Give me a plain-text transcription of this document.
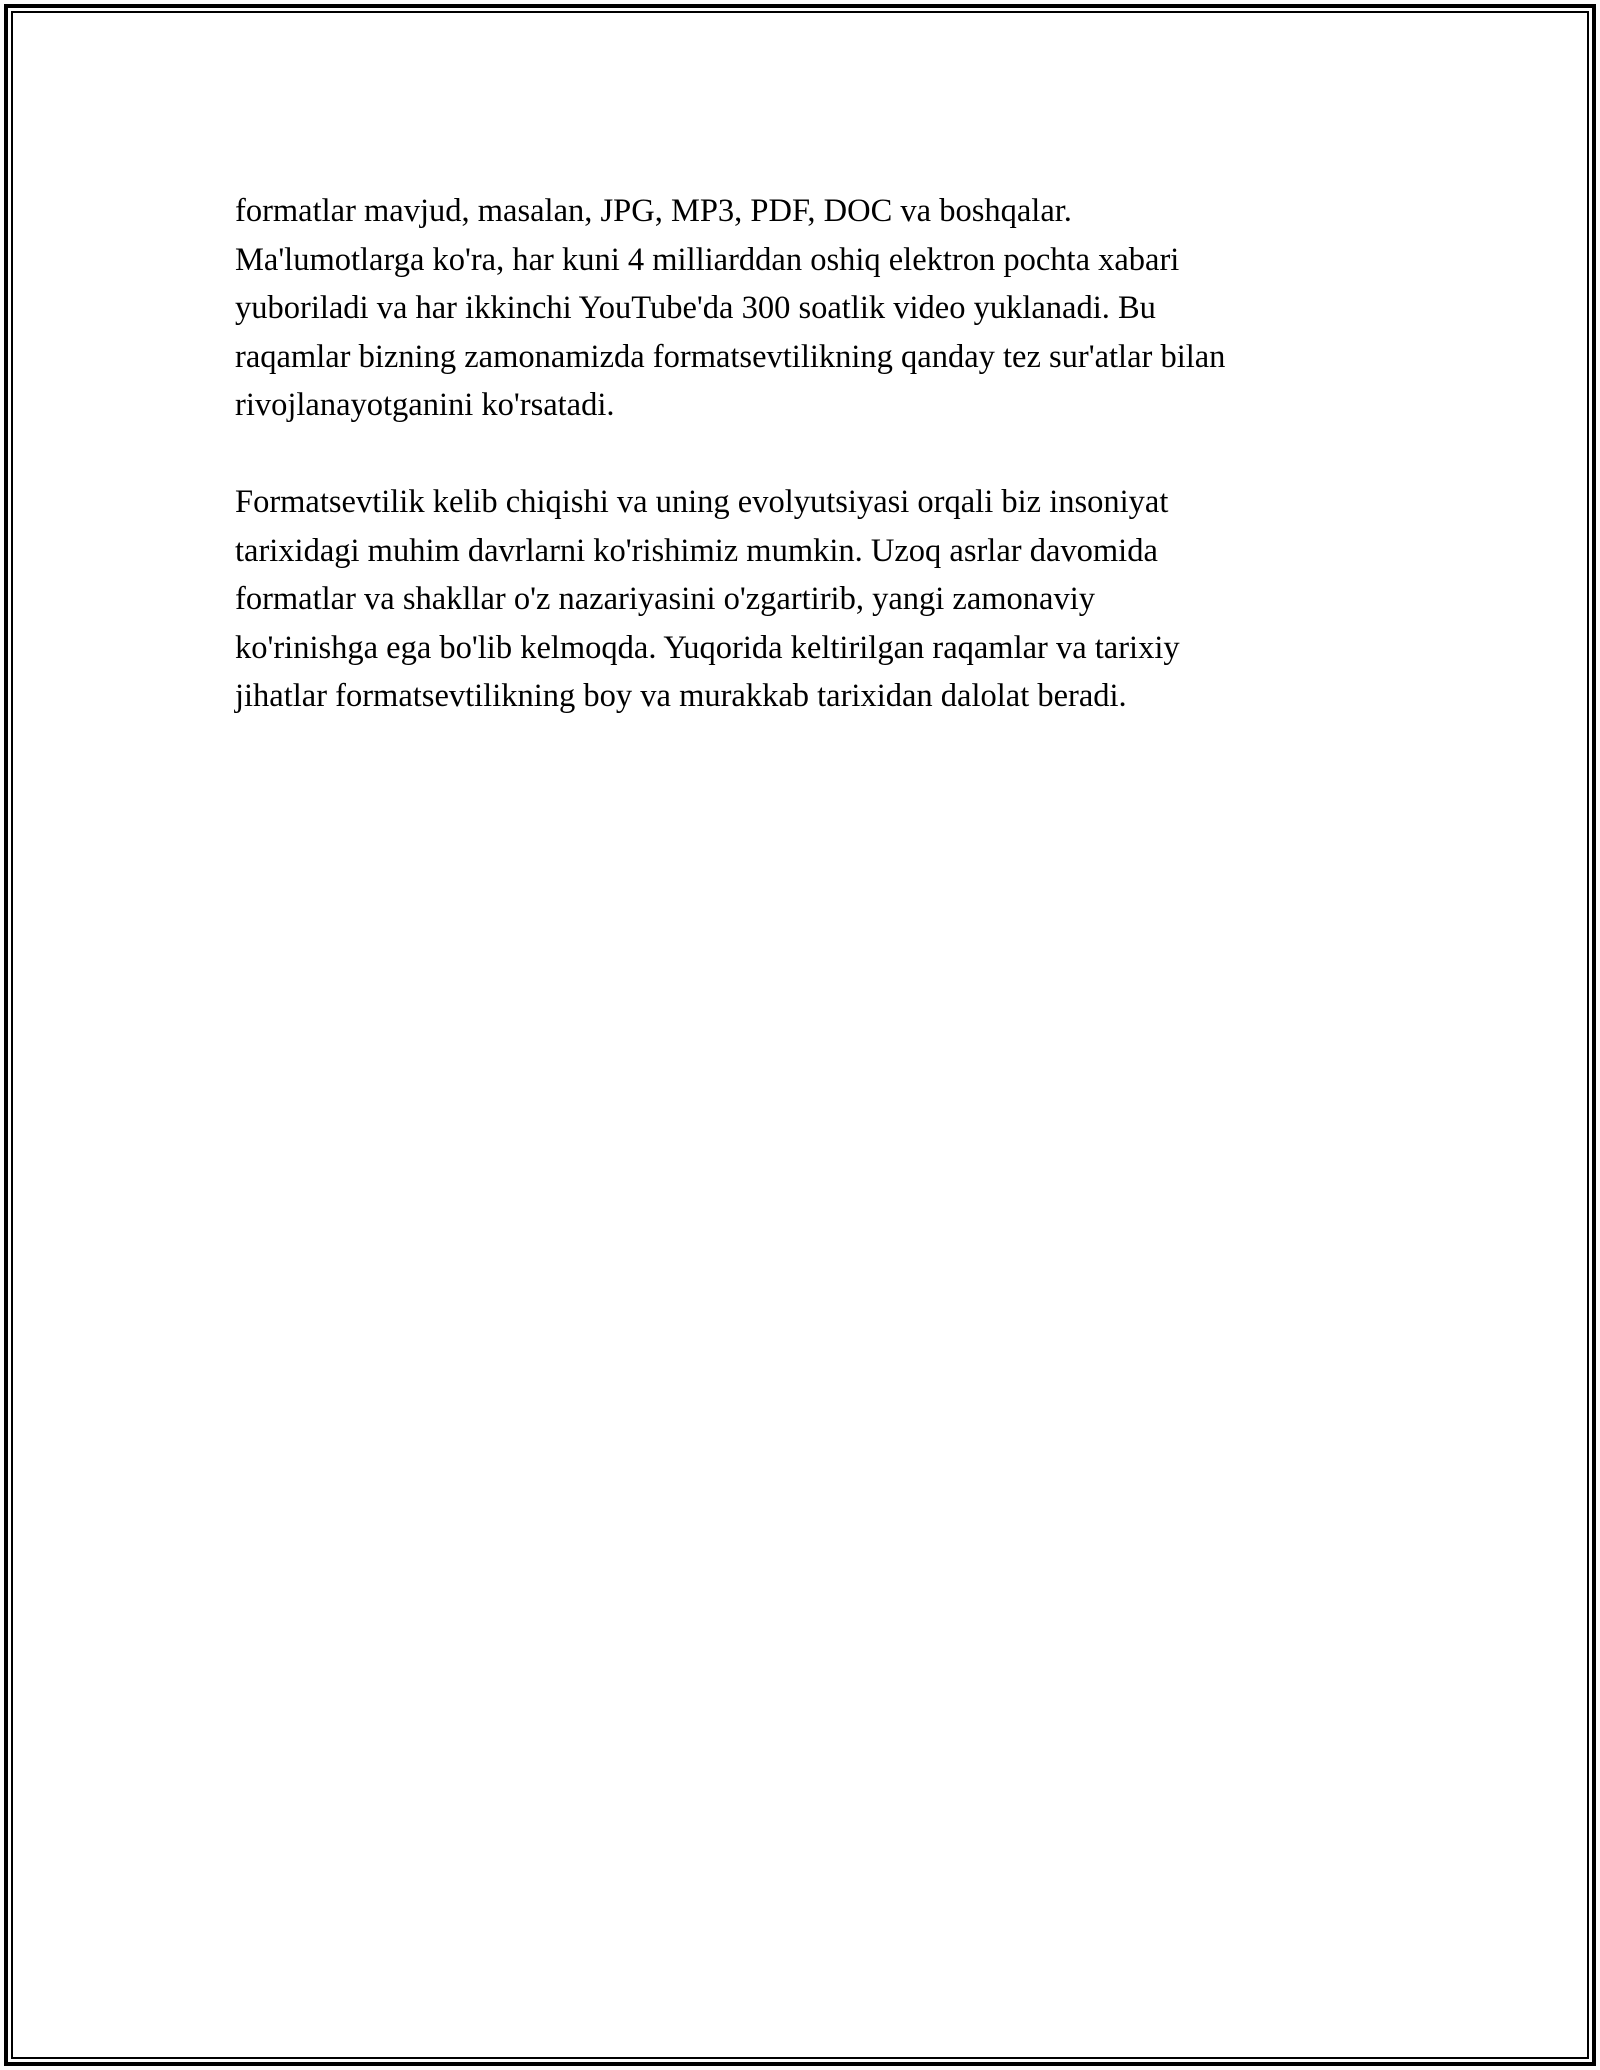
formatlar mavjud, masalan, JPG, MP3, PDF, DOC va boshqalar.
Ma'lumotlarga ko'ra, har kuni 4 milliarddan oshiq elektron pochta xabari
yuboriladi va har ikkinchi YouTube'da 300 soatlik video yuklanadi. Bu
raqamlar bizning zamonamizda formatsevtilikning qanday tez sur'atlar bilan
rivojlanayotganini ko'rsatadi.
Formatsevtilik kelib chiqishi va uning evolyutsiyasi orqali biz insoniyat
tarixidagi muhim davrlarni ko'rishimiz mumkin. Uzoq asrlar davomida
formatlar va shakllar o'z nazariyasini o'zgartirib, yangi zamonaviy
ko'rinishga ega bo'lib kelmoqda. Yuqorida keltirilgan raqamlar va tarixiy
jihatlar formatsevtilikning boy va murakkab tarixidan dalolat beradi.
